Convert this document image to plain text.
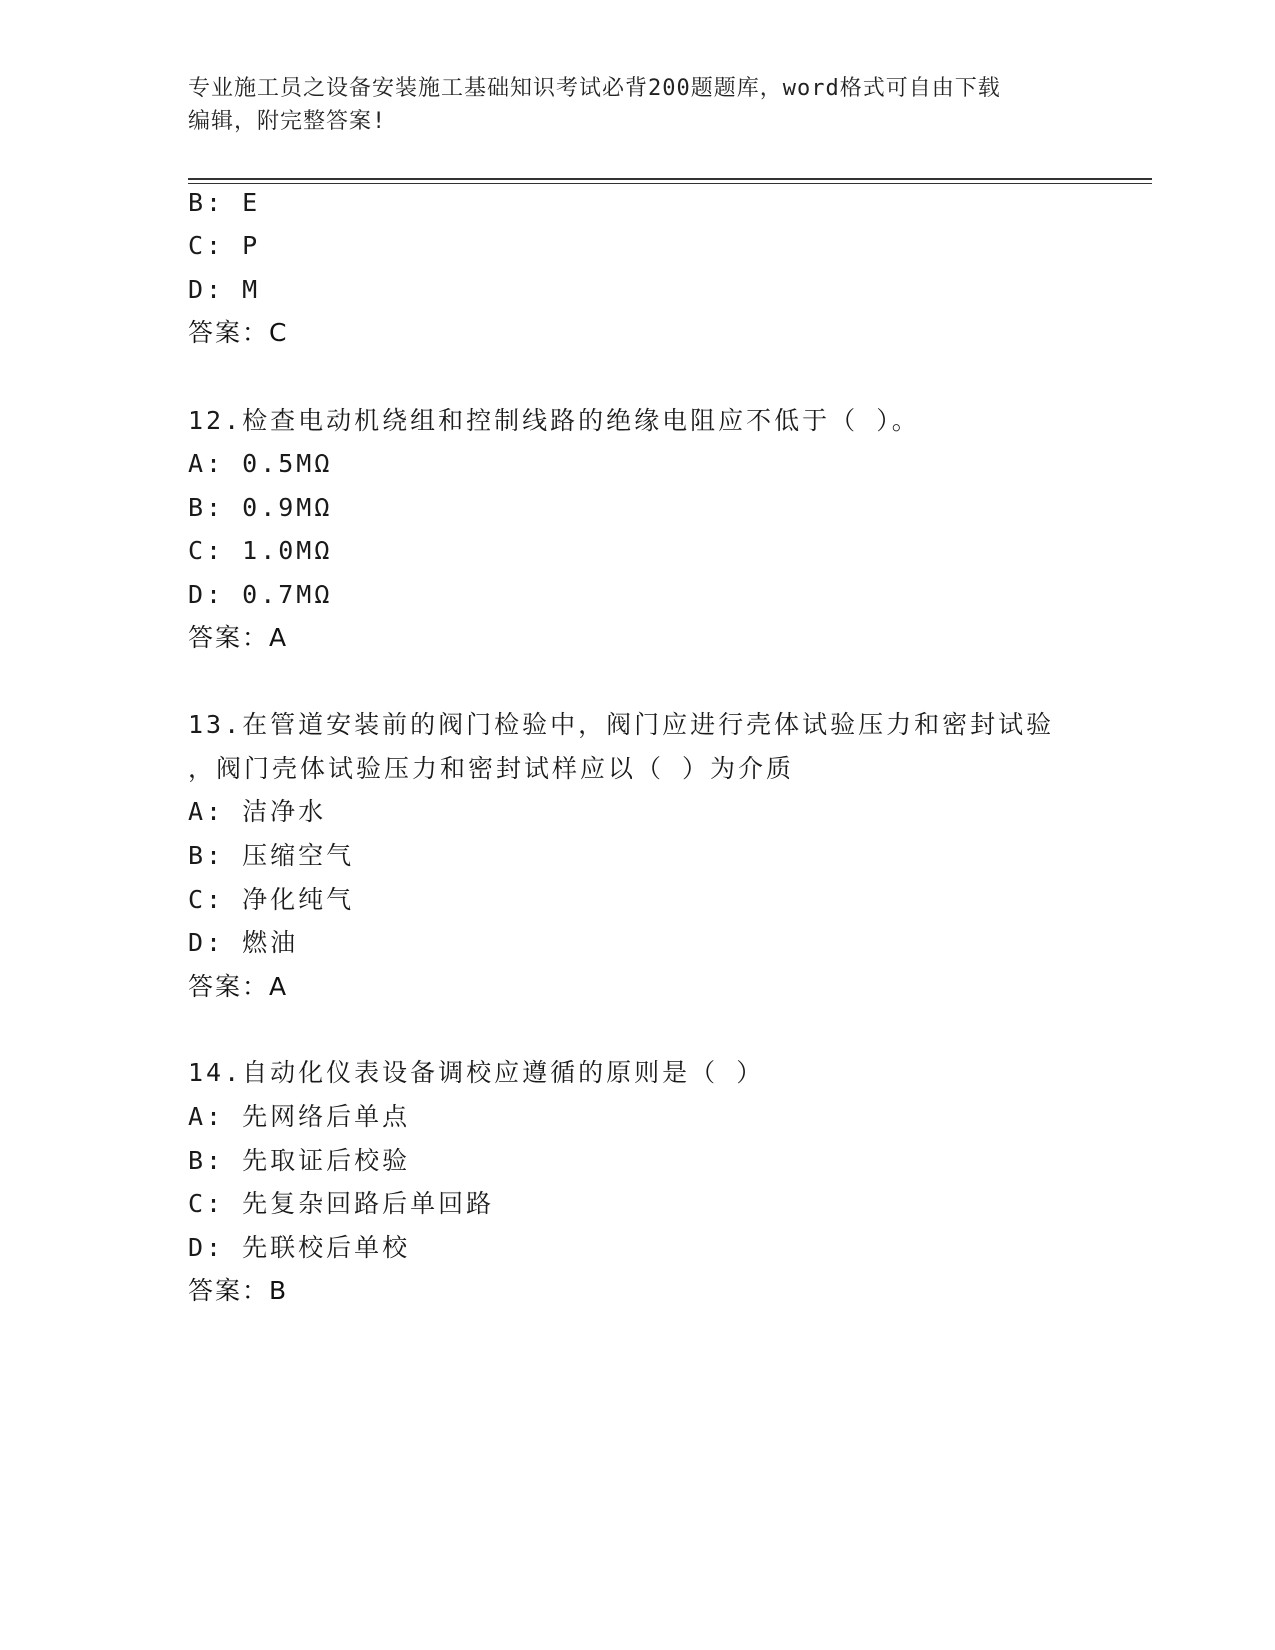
专业施工员之设备安装施工基础知识考试必背200题题库，word格式可自由下载
编辑，附完整答案!
B: E
C: P
D: M
答案：C
12.检查电动机绕组和控制线路的绝缘电阻应不低于（ ）。
A: 0.5MΩ
B: 0.9MΩ
C: 1.0MΩ
D: 0.7MΩ
答案：A
13.在管道安装前的阀门检验中，阀门应进行壳体试验压力和密封试验
，阀门壳体试验压力和密封试样应以（ ）为介质
A: 洁净水
B: 压缩空气
C: 净化纯气
D: 燃油
答案：A
14.自动化仪表设备调校应遵循的原则是（ ）
A: 先网络后单点
B: 先取证后校验
C: 先复杂回路后单回路
D: 先联校后单校
答案：B
